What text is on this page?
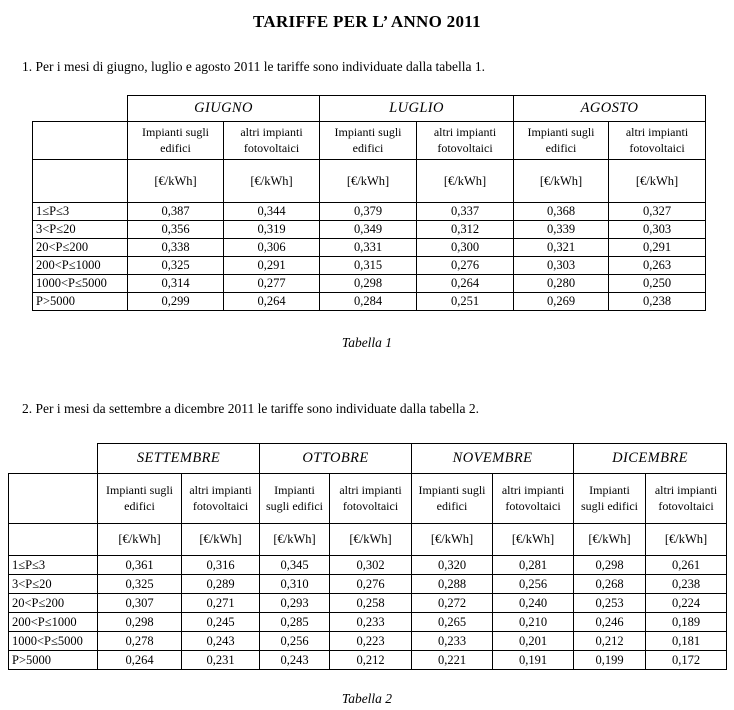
TARIFFE PER L’ ANNO 2011
1. Per i mesi di giugno, luglio e agosto 2011 le tariffe sono individuate dalla tabella 1.
	GIUGNO		LUGLIO		AGOSTO	
	Impianti sugli edifici	altri impianti fotovoltaici	Impianti sugli edifici	altri impianti fotovoltaici	Impianti sugli edifici	altri impianti fotovoltaici
	[€/kWh]	[€/kWh]	[€/kWh]	[€/kWh]	[€/kWh]	[€/kWh]
1≤P≤3	0,387	0,344	0,379	0,337	0,368	0,327
3<P≤20	0,356	0,319	0,349	0,312	0,339	0,303
20<P≤200	0,338	0,306	0,331	0,300	0,321	0,291
200<P≤1000	0,325	0,291	0,315	0,276	0,303	0,263
1000<P≤5000	0,314	0,277	0,298	0,264	0,280	0,250
P>5000	0,299	0,264	0,284	0,251	0,269	0,238
Tabella 1
2. Per i mesi da settembre a dicembre 2011 le tariffe sono individuate dalla tabella 2.
	SETTEMBRE		OTTOBRE		NOVEMBRE		DICEMBRE	
	Impianti sugli edifici	altri impianti fotovoltaici	Impianti sugli edifici	altri impianti fotovoltaici	Impianti sugli edifici	altri impianti fotovoltaici	Impianti sugli edifici	altri impianti fotovoltaici
	[€/kWh]	[€/kWh]	[€/kWh]	[€/kWh]	[€/kWh]	[€/kWh]	[€/kWh]	[€/kWh]
1≤P≤3	0,361	0,316	0,345	0,302	0,320	0,281	0,298	0,261
3<P≤20	0,325	0,289	0,310	0,276	0,288	0,256	0,268	0,238
20<P≤200	0,307	0,271	0,293	0,258	0,272	0,240	0,253	0,224
200<P≤1000	0,298	0,245	0,285	0,233	0,265	0,210	0,246	0,189
1000<P≤5000	0,278	0,243	0,256	0,223	0,233	0,201	0,212	0,181
P>5000	0,264	0,231	0,243	0,212	0,221	0,191	0,199	0,172
Tabella 2
